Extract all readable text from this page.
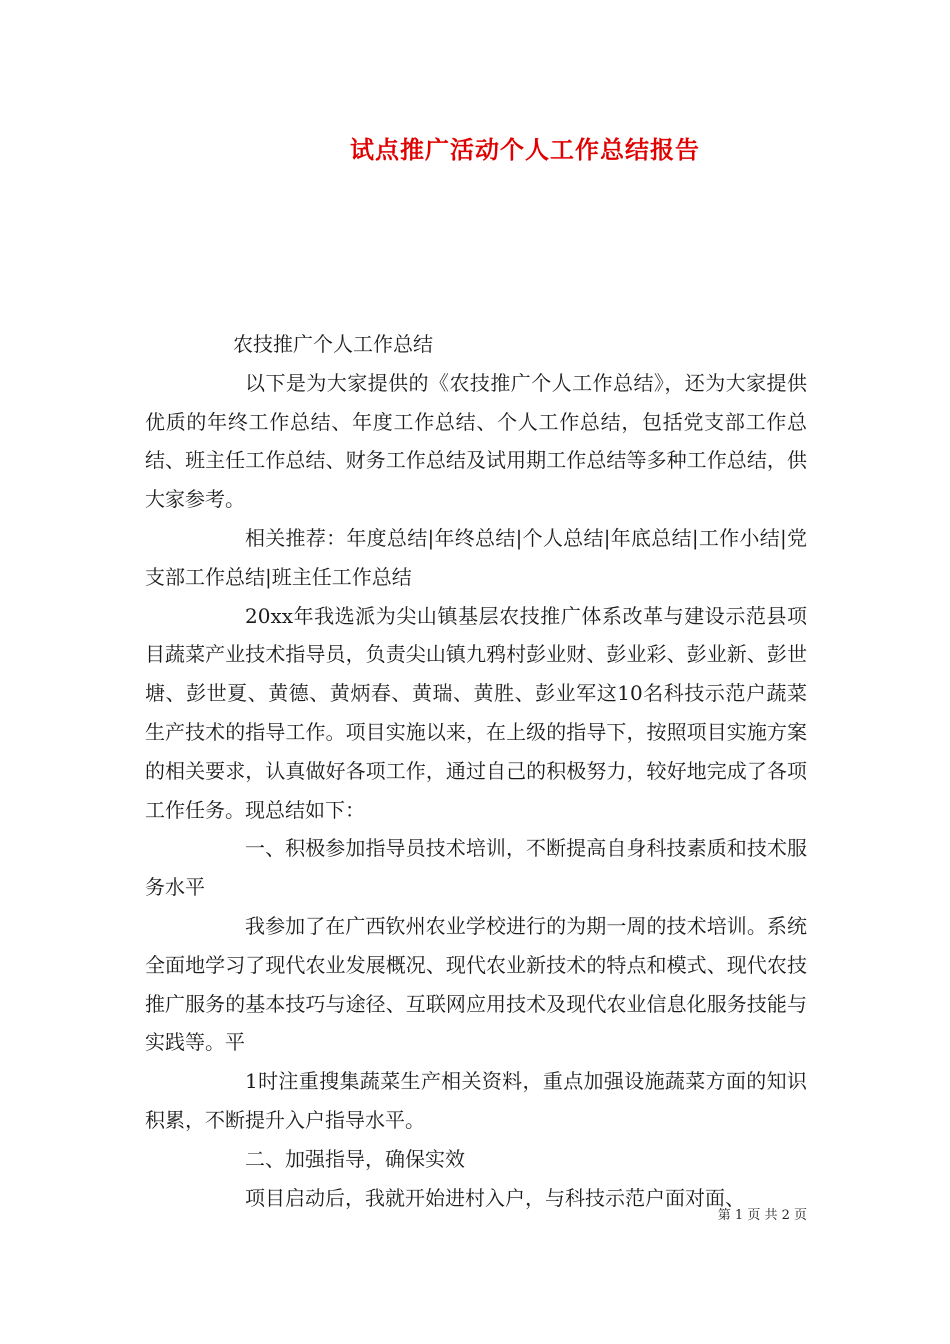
试点推广活动个人工作总结报告

农技推广个人工作总结

以下是为大家提供的《农技推广个人工作总结》，还为大家提供优质的年终工作总结、年度工作总结、个人工作总结，包括党支部工作总结、班主任工作总结、财务工作总结及试用期工作总结等多种工作总结，供大家参考。

相关推荐：年度总结|年终总结|个人总结|年底总结|工作小结|党支部工作总结|班主任工作总结

20xx年我选派为尖山镇基层农技推广体系改革与建设示范县项目蔬菜产业技术指导员，负责尖山镇九鸦村彭业财、彭业彩、彭业新、彭世塘、彭世夏、黄德、黄炳春、黄瑞、黄胜、彭业军这10名科技示范户蔬菜生产技术的指导工作。项目实施以来，在上级的指导下，按照项目实施方案的相关要求，认真做好各项工作，通过自己的积极努力，较好地完成了各项工作任务。现总结如下：

一、积极参加指导员技术培训，不断提高自身科技素质和技术服务水平

我参加了在广西钦州农业学校进行的为期一周的技术培训。系统全面地学习了现代农业发展概况、现代农业新技术的特点和模式、现代农技推广服务的基本技巧与途径、互联网应用技术及现代农业信息化服务技能与实践等。平

1时注重搜集蔬菜生产相关资料，重点加强设施蔬菜方面的知识积累，不断提升入户指导水平。

二、加强指导，确保实效

项目启动后，我就开始进村入户，与科技示范户面对面、

第 1 页 共 2 页
